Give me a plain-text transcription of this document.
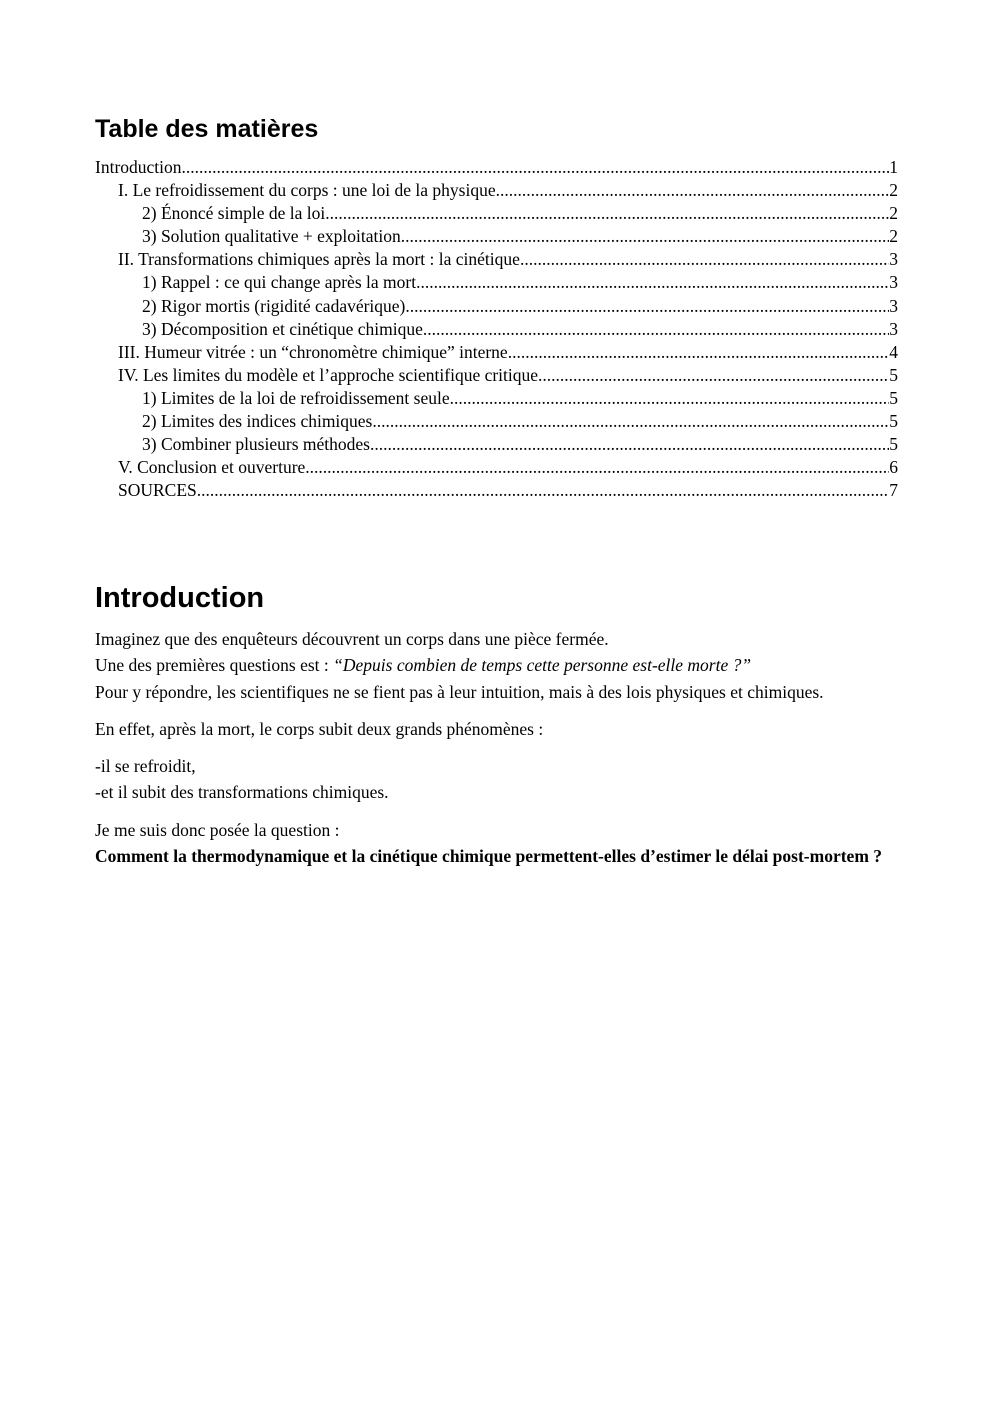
Table des matières
Introduction .....	1
I. Le refroidissement du corps : une loi de la physique .....	2
2) Énoncé simple de la loi .....	2
3) Solution qualitative + exploitation .....	2
II. Transformations chimiques après la mort : la cinétique .....	3
1) Rappel : ce qui change après la mort .....	3
2) Rigor mortis (rigidité cadavérique) .....	3
3) Décomposition et cinétique chimique .....	3
III. Humeur vitrée : un “chronomètre chimique” interne .....	4
IV. Les limites du modèle et l’approche scientifique critique .....	5
1) Limites de la loi de refroidissement seule .....	5
2) Limites des indices chimiques .....	5
3) Combiner plusieurs méthodes .....	5
V. Conclusion et ouverture .....	6
SOURCES .....	7
Introduction

Imaginez que des enquêteurs découvrent un corps dans une pièce fermée.

Une des premières questions est : “Depuis combien de temps cette personne est-elle morte ?”

Pour y répondre, les scientifiques ne se fient pas à leur intuition, mais à des lois physiques et chimiques.

En effet, après la mort, le corps subit deux grands phénomènes :

-il se refroidit,

-et il subit des transformations chimiques.

Je me suis donc posée la question :

Comment la thermodynamique et la cinétique chimique permettent-elles d’estimer le délai post-mortem ?
